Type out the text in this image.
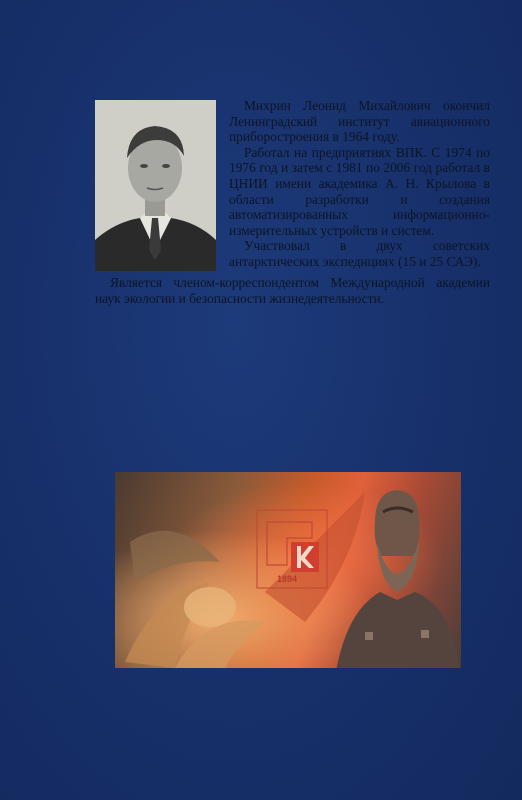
Михрин Леонид Михайлович окончил Ленинградский институт авиационного приборостроения в 1964 году.

Работал на предприятиях ВПК. С 1974 по 1976 год и затем с 1981 по 2006 год работал в ЦНИИ имени академика А. Н. Крылова в области разработки и создания автоматизированных информационно-измерительных устройств и систем.

Участвовал в двух советских антарктических экспедициях (15 и 25 САЭ).

Является членом-корреспондентом Международной академии наук экологии и безопасности жизнедеятельности.

1894
